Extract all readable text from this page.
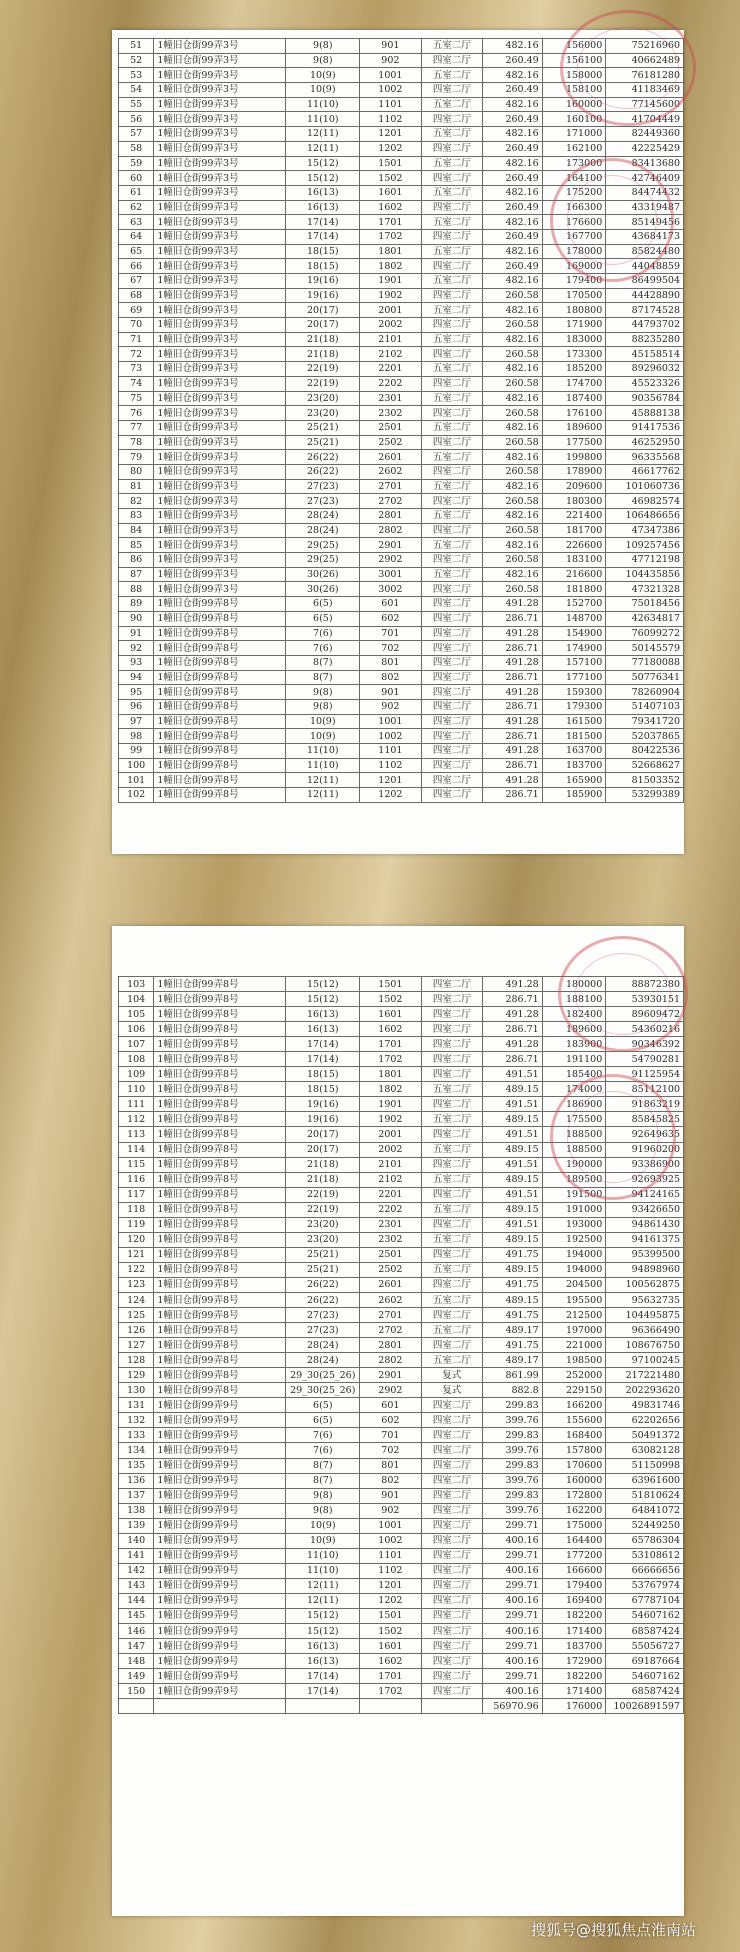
51	1幢旧仓街99弄3号	9(8)	901	五室二厅	482.16	156000	75216960
52	1幢旧仓街99弄3号	9(8)	902	四室二厅	260.49	156100	40662489
53	1幢旧仓街99弄3号	10(9)	1001	五室二厅	482.16	158000	76181280
54	1幢旧仓街99弄3号	10(9)	1002	四室二厅	260.49	158100	41183469
55	1幢旧仓街99弄3号	11(10)	1101	五室二厅	482.16	160000	77145600
56	1幢旧仓街99弄3号	11(10)	1102	四室二厅	260.49	160100	41704449
57	1幢旧仓街99弄3号	12(11)	1201	五室二厅	482.16	171000	82449360
58	1幢旧仓街99弄3号	12(11)	1202	四室二厅	260.49	162100	42225429
59	1幢旧仓街99弄3号	15(12)	1501	五室二厅	482.16	173000	83413680
60	1幢旧仓街99弄3号	15(12)	1502	四室二厅	260.49	164100	42746409
61	1幢旧仓街99弄3号	16(13)	1601	五室二厅	482.16	175200	84474432
62	1幢旧仓街99弄3号	16(13)	1602	四室二厅	260.49	166300	43319487
63	1幢旧仓街99弄3号	17(14)	1701	五室二厅	482.16	176600	85149456
64	1幢旧仓街99弄3号	17(14)	1702	四室二厅	260.49	167700	43684173
65	1幢旧仓街99弄3号	18(15)	1801	五室二厅	482.16	178000	85824480
66	1幢旧仓街99弄3号	18(15)	1802	四室二厅	260.49	169000	44048859
67	1幢旧仓街99弄3号	19(16)	1901	五室二厅	482.16	179400	86499504
68	1幢旧仓街99弄3号	19(16)	1902	四室二厅	260.58	170500	44428890
69	1幢旧仓街99弄3号	20(17)	2001	五室二厅	482.16	180800	87174528
70	1幢旧仓街99弄3号	20(17)	2002	四室二厅	260.58	171900	44793702
71	1幢旧仓街99弄3号	21(18)	2101	五室二厅	482.16	183000	88235280
72	1幢旧仓街99弄3号	21(18)	2102	四室二厅	260.58	173300	45158514
73	1幢旧仓街99弄3号	22(19)	2201	五室二厅	482.16	185200	89296032
74	1幢旧仓街99弄3号	22(19)	2202	四室二厅	260.58	174700	45523326
75	1幢旧仓街99弄3号	23(20)	2301	五室二厅	482.16	187400	90356784
76	1幢旧仓街99弄3号	23(20)	2302	四室二厅	260.58	176100	45888138
77	1幢旧仓街99弄3号	25(21)	2501	五室二厅	482.16	189600	91417536
78	1幢旧仓街99弄3号	25(21)	2502	四室二厅	260.58	177500	46252950
79	1幢旧仓街99弄3号	26(22)	2601	五室二厅	482.16	199800	96335568
80	1幢旧仓街99弄3号	26(22)	2602	四室二厅	260.58	178900	46617762
81	1幢旧仓街99弄3号	27(23)	2701	五室二厅	482.16	209600	101060736
82	1幢旧仓街99弄3号	27(23)	2702	四室二厅	260.58	180300	46982574
83	1幢旧仓街99弄3号	28(24)	2801	五室二厅	482.16	221400	106486656
84	1幢旧仓街99弄3号	28(24)	2802	四室二厅	260.58	181700	47347386
85	1幢旧仓街99弄3号	29(25)	2901	五室二厅	482.16	226600	109257456
86	1幢旧仓街99弄3号	29(25)	2902	四室二厅	260.58	183100	47712198
87	1幢旧仓街99弄3号	30(26)	3001	五室二厅	482.16	216600	104435856
88	1幢旧仓街99弄3号	30(26)	3002	四室二厅	260.58	181800	47321328
89	1幢旧仓街99弄8号	6(5)	601	四室二厅	491.28	152700	75018456
90	1幢旧仓街99弄8号	6(5)	602	四室二厅	286.71	148700	42634817
91	1幢旧仓街99弄8号	7(6)	701	四室二厅	491.28	154900	76099272
92	1幢旧仓街99弄8号	7(6)	702	四室二厅	286.71	174900	50145579
93	1幢旧仓街99弄8号	8(7)	801	四室二厅	491.28	157100	77180088
94	1幢旧仓街99弄8号	8(7)	802	四室二厅	286.71	177100	50776341
95	1幢旧仓街99弄8号	9(8)	901	四室二厅	491.28	159300	78260904
96	1幢旧仓街99弄8号	9(8)	902	四室二厅	286.71	179300	51407103
97	1幢旧仓街99弄8号	10(9)	1001	四室二厅	491.28	161500	79341720
98	1幢旧仓街99弄8号	10(9)	1002	四室二厅	286.71	181500	52037865
99	1幢旧仓街99弄8号	11(10)	1101	四室二厅	491.28	163700	80422536
100	1幢旧仓街99弄8号	11(10)	1102	四室二厅	286.71	183700	52668627
101	1幢旧仓街99弄8号	12(11)	1201	四室二厅	491.28	165900	81503352
102	1幢旧仓街99弄8号	12(11)	1202	四室二厅	286.71	185900	53299389
103	1幢旧仓街99弄8号	15(12)	1501	四室二厅	491.28	180000	88872380
104	1幢旧仓街99弄8号	15(12)	1502	四室二厅	286.71	188100	53930151
105	1幢旧仓街99弄8号	16(13)	1601	四室二厅	491.28	182400	89609472
106	1幢旧仓街99弄8号	16(13)	1602	四室二厅	286.71	189600	54360216
107	1幢旧仓街99弄8号	17(14)	1701	四室二厅	491.28	183900	90346392
108	1幢旧仓街99弄8号	17(14)	1702	四室二厅	286.71	191100	54790281
109	1幢旧仓街99弄8号	18(15)	1801	四室二厅	491.51	185400	91125954
110	1幢旧仓街99弄8号	18(15)	1802	五室二厅	489.15	174000	85112100
111	1幢旧仓街99弄8号	19(16)	1901	四室二厅	491.51	186900	91863219
112	1幢旧仓街99弄8号	19(16)	1902	五室二厅	489.15	175500	85845825
113	1幢旧仓街99弄8号	20(17)	2001	四室二厅	491.51	188500	92649635
114	1幢旧仓街99弄8号	20(17)	2002	五室二厅	489.15	188500	91960200
115	1幢旧仓街99弄8号	21(18)	2101	四室二厅	491.51	190000	93386900
116	1幢旧仓街99弄8号	21(18)	2102	五室二厅	489.15	189500	92693925
117	1幢旧仓街99弄8号	22(19)	2201	四室二厅	491.51	191500	94124165
118	1幢旧仓街99弄8号	22(19)	2202	五室二厅	489.15	191000	93426650
119	1幢旧仓街99弄8号	23(20)	2301	四室二厅	491.51	193000	94861430
120	1幢旧仓街99弄8号	23(20)	2302	五室二厅	489.15	192500	94161375
121	1幢旧仓街99弄8号	25(21)	2501	四室二厅	491.75	194000	95399500
122	1幢旧仓街99弄8号	25(21)	2502	五室二厅	489.15	194000	94898960
123	1幢旧仓街99弄8号	26(22)	2601	四室二厅	491.75	204500	100562875
124	1幢旧仓街99弄8号	26(22)	2602	五室二厅	489.15	195500	95632735
125	1幢旧仓街99弄8号	27(23)	2701	四室二厅	491.75	212500	104495875
126	1幢旧仓街99弄8号	27(23)	2702	五室二厅	489.17	197000	96366490
127	1幢旧仓街99弄8号	28(24)	2801	四室二厅	491.75	221000	108676750
128	1幢旧仓街99弄8号	28(24)	2802	五室二厅	489.17	198500	97100245
129	1幢旧仓街99弄8号	29_30(25_26)	2901	复式	861.99	252000	217221480
130	1幢旧仓街99弄8号	29_30(25_26)	2902	复式	882.8	229150	202293620
131	1幢旧仓街99弄9号	6(5)	601	四室二厅	299.83	166200	49831746
132	1幢旧仓街99弄9号	6(5)	602	四室二厅	399.76	155600	62202656
133	1幢旧仓街99弄9号	7(6)	701	四室二厅	299.83	168400	50491372
134	1幢旧仓街99弄9号	7(6)	702	四室二厅	399.76	157800	63082128
135	1幢旧仓街99弄9号	8(7)	801	四室二厅	299.83	170600	51150998
136	1幢旧仓街99弄9号	8(7)	802	四室二厅	399.76	160000	63961600
137	1幢旧仓街99弄9号	9(8)	901	四室二厅	299.83	172800	51810624
138	1幢旧仓街99弄9号	9(8)	902	四室二厅	399.76	162200	64841072
139	1幢旧仓街99弄9号	10(9)	1001	四室二厅	299.71	175000	52449250
140	1幢旧仓街99弄9号	10(9)	1002	四室二厅	400.16	164400	65786304
141	1幢旧仓街99弄9号	11(10)	1101	四室二厅	299.71	177200	53108612
142	1幢旧仓街99弄9号	11(10)	1102	四室二厅	400.16	166600	66666656
143	1幢旧仓街99弄9号	12(11)	1201	四室二厅	299.71	179400	53767974
144	1幢旧仓街99弄9号	12(11)	1202	四室二厅	400.16	169400	67787104
145	1幢旧仓街99弄9号	15(12)	1501	四室二厅	299.71	182200	54607162
146	1幢旧仓街99弄9号	15(12)	1502	四室二厅	400.16	171400	68587424
147	1幢旧仓街99弄9号	16(13)	1601	四室二厅	299.71	183700	55056727
148	1幢旧仓街99弄9号	16(13)	1602	四室二厅	400.16	172900	69187664
149	1幢旧仓街99弄9号	17(14)	1701	四室二厅	299.71	182200	54607162
150	1幢旧仓街99弄9号	17(14)	1702	四室二厅	400.16	171400	68587424
					56970.96	176000	10026891597
搜狐号@搜狐焦点淮南站
